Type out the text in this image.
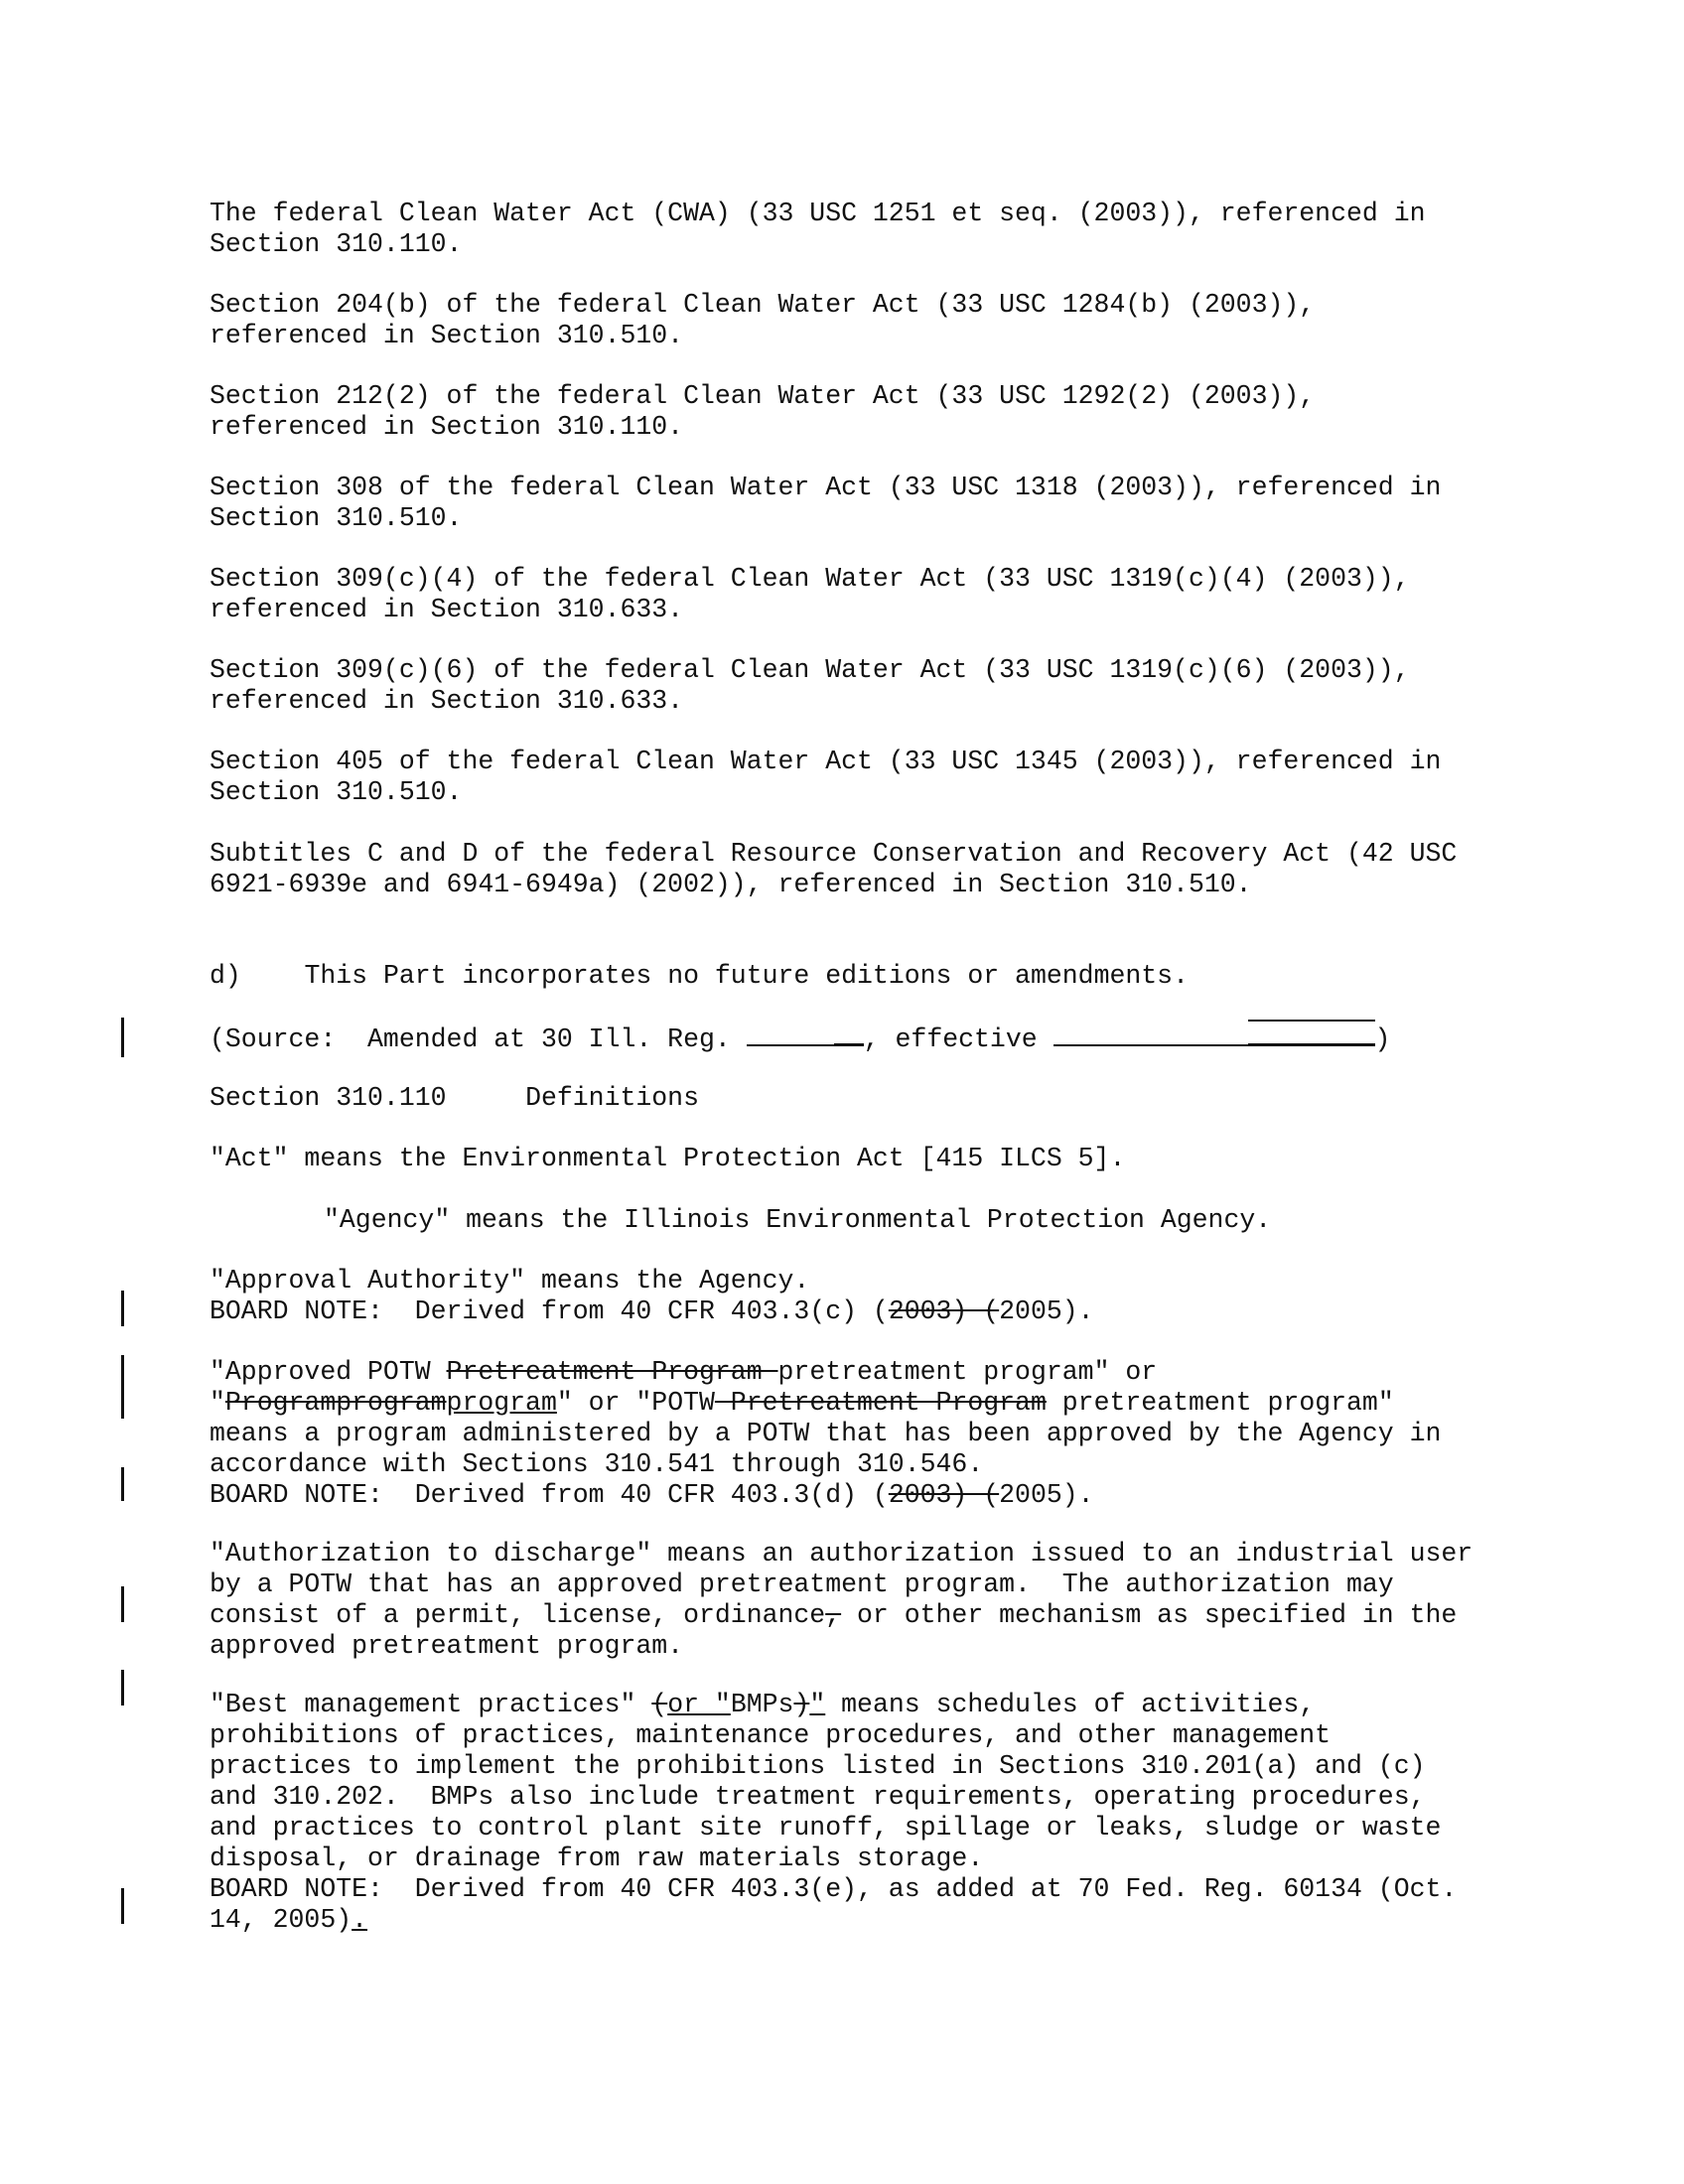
The federal Clean Water Act (CWA) (33 USC 1251 et seq. (2003)), referenced in
Section 310.110.
Section 204(b) of the federal Clean Water Act (33 USC 1284(b) (2003)),
referenced in Section 310.510.
Section 212(2) of the federal Clean Water Act (33 USC 1292(2) (2003)),
referenced in Section 310.110.
Section 308 of the federal Clean Water Act (33 USC 1318 (2003)), referenced in
Section 310.510.
Section 309(c)(4) of the federal Clean Water Act (33 USC 1319(c)(4) (2003)),
referenced in Section 310.633.
Section 309(c)(6) of the federal Clean Water Act (33 USC 1319(c)(6) (2003)),
referenced in Section 310.633.
Section 405 of the federal Clean Water Act (33 USC 1345 (2003)), referenced in
Section 310.510.
Subtitles C and D of the federal Resource Conservation and Recovery Act (42 USC
6921-6939e and 6941-6949a) (2002)), referenced in Section 310.510.
d) This Part incorporates no future editions or amendments.
(Source:  Amended at 30 Ill. Reg.	, effective	)
Section 310.110	Definitions
"Act" means the Environmental Protection Act [415 ILCS 5].
"Agency" means the Illinois Environmental Protection Agency.
"Approval Authority" means the Agency.
BOARD NOTE:  Derived from 40 CFR 403.3(c) (2003) (2005).
"Approved POTW Pretreatment Program pretreatment program" or
"Programprogramprogram" or "POTW Pretreatment Program pretreatment program"
means a program administered by a POTW that has been approved by the Agency in
accordance with Sections 310.541 through 310.546.
BOARD NOTE:  Derived from 40 CFR 403.3(d) (2003) (2005).
"Authorization to discharge" means an authorization issued to an industrial user
by a POTW that has an approved pretreatment program.  The authorization may
consist of a permit, license, ordinance, or other mechanism as specified in the
approved pretreatment program.
"Best management practices" (or "BMPs)" means schedules of activities,
prohibitions of practices, maintenance procedures, and other management
practices to implement the prohibitions listed in Sections 310.201(a) and (c)
and 310.202.  BMPs also include treatment requirements, operating procedures,
and practices to control plant site runoff, spillage or leaks, sludge or waste
disposal, or drainage from raw materials storage.
BOARD NOTE:  Derived from 40 CFR 403.3(e), as added at 70 Fed. Reg. 60134 (Oct.
14, 2005).
